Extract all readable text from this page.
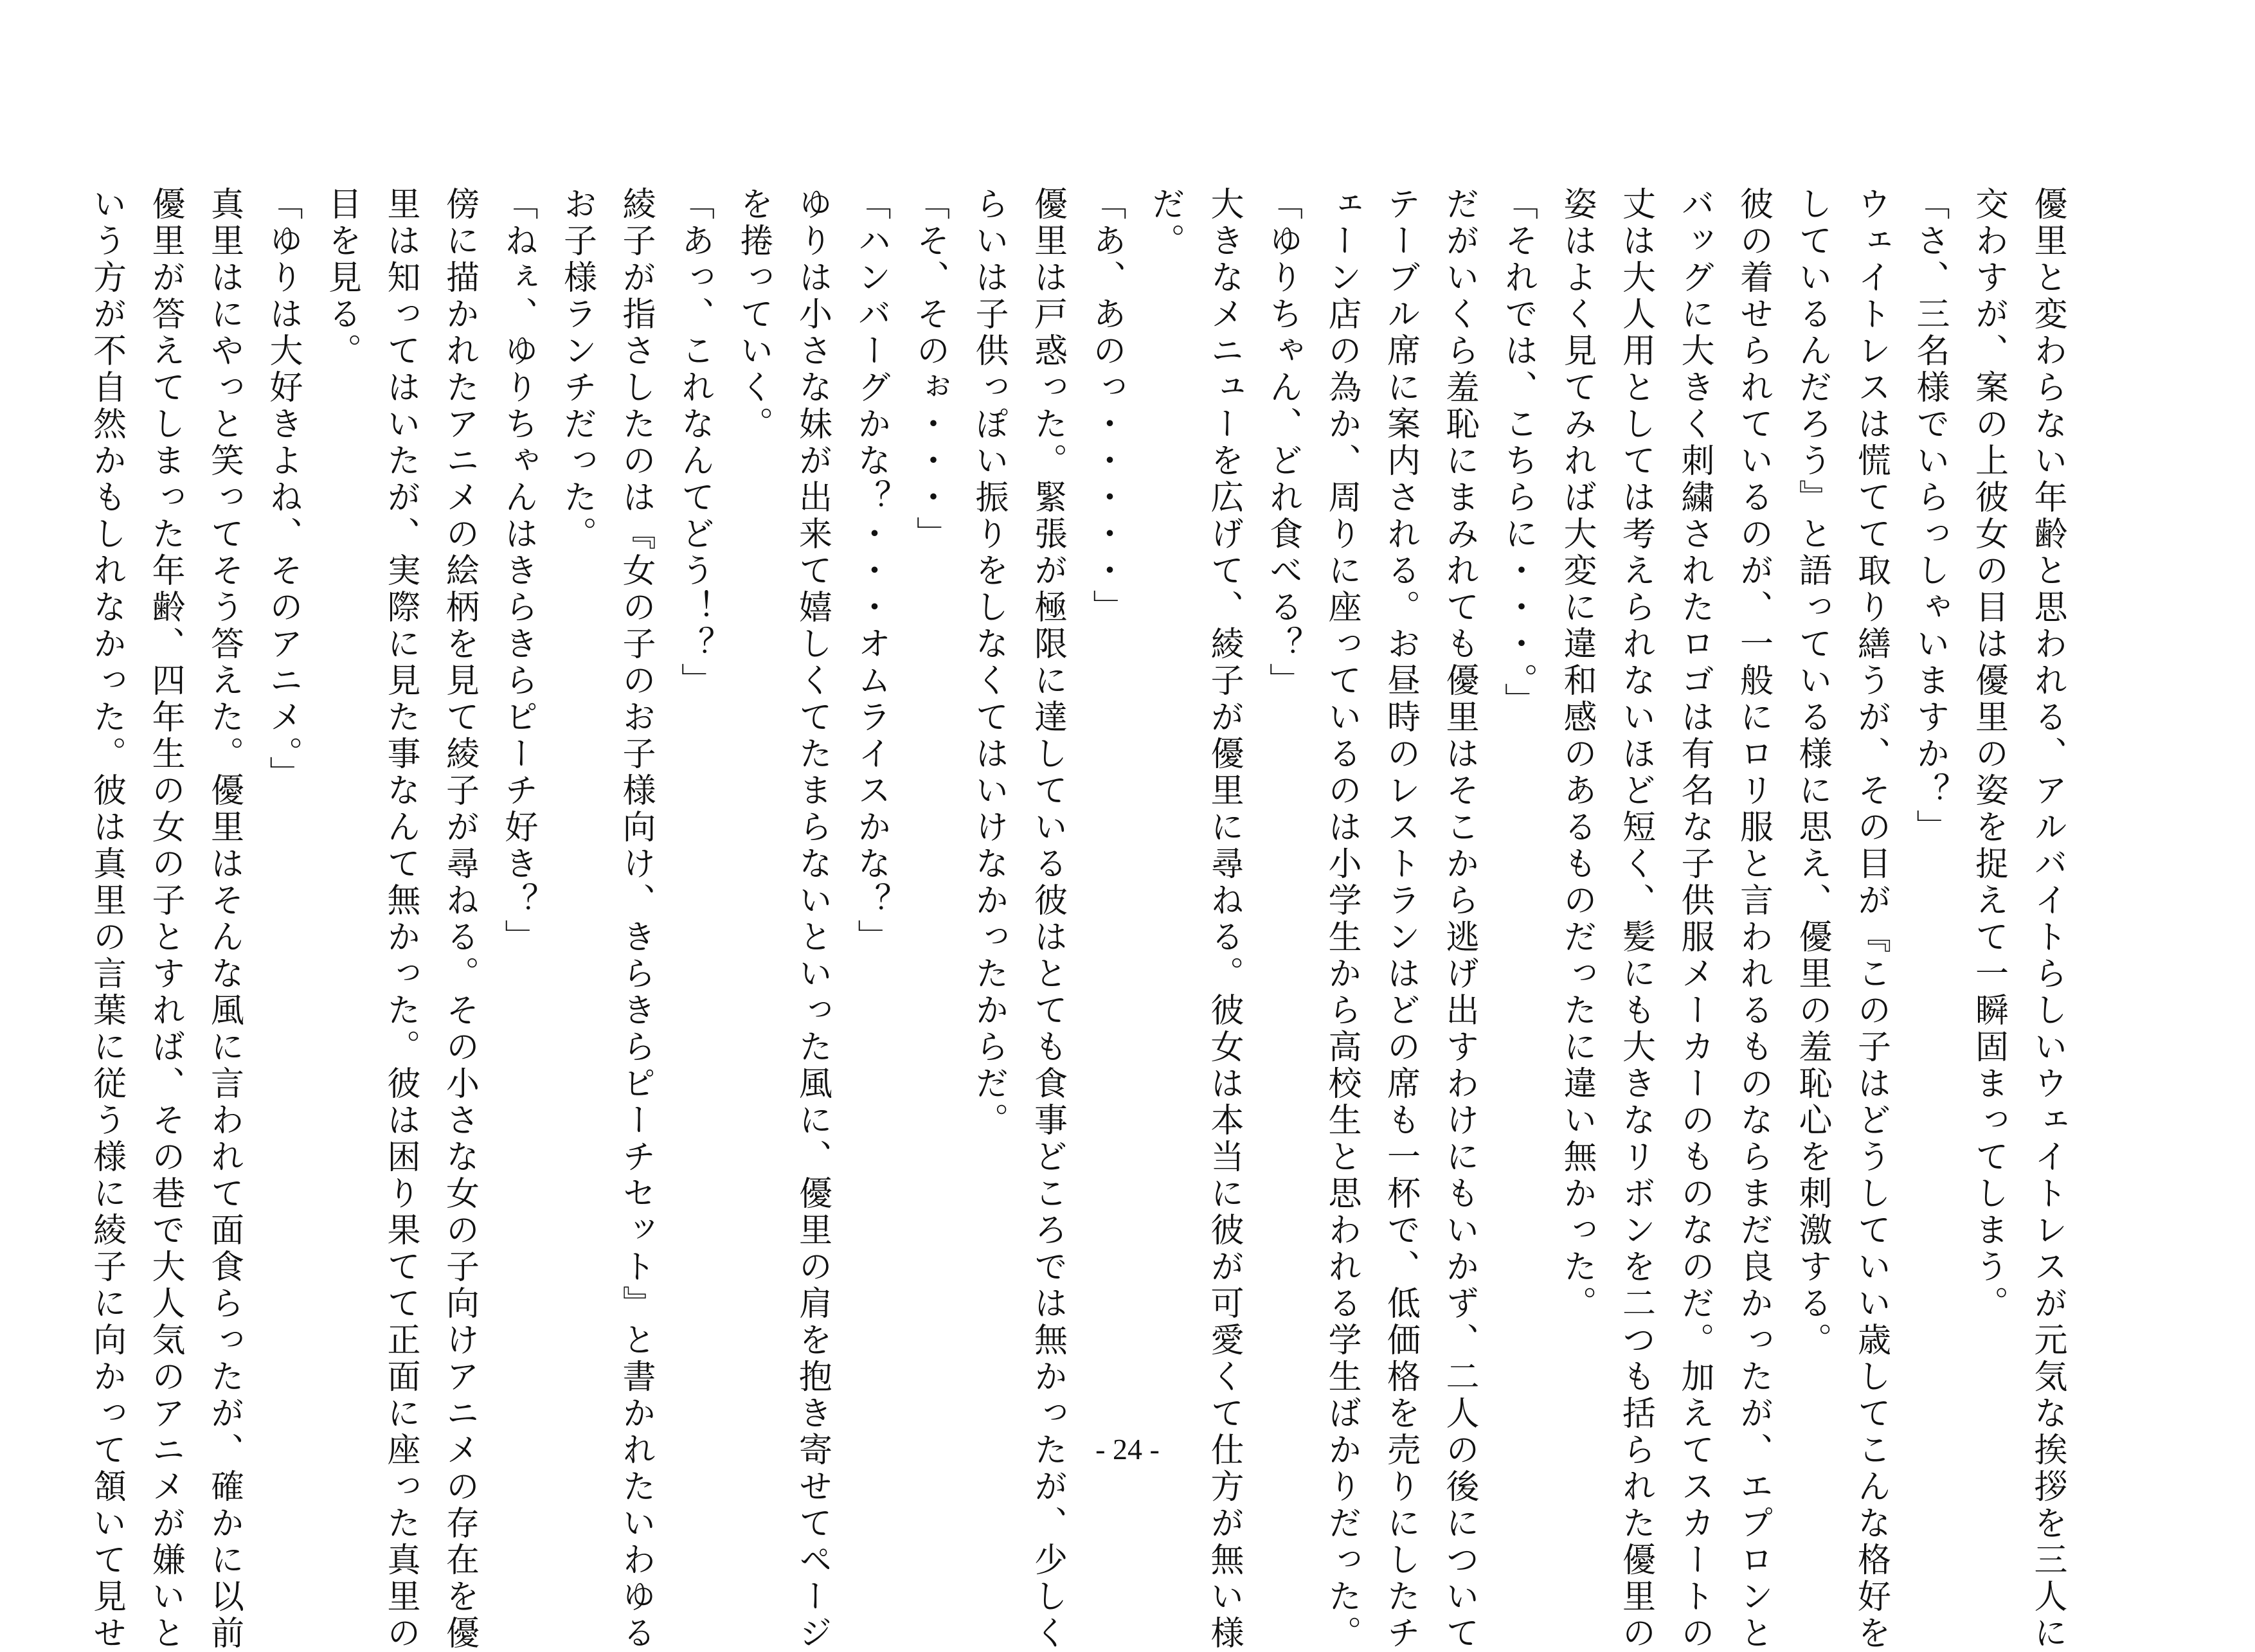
優里と変わらない年齢と思われる、アルバイトらしいウェイトレスが元気な挨拶を三人に
交わすが、案の上彼女の目は優里の姿を捉えて一瞬固まってしまう。
「さ、三名様でいらっしゃいますか？」
ウェイトレスは慌てて取り繕うが、その目が『この子はどうしていい歳してこんな格好を
しているんだろう』と語っている様に思え、優里の羞恥心を刺激する。
彼の着せられているのが、一般にロリ服と言われるものならまだ良かったが、エプロンと
バッグに大きく刺繍されたロゴは有名な子供服メーカーのものなのだ。加えてスカートの
丈は大人用としては考えられないほど短く、髪にも大きなリボンを二つも括られた優里の
姿はよく見てみれば大変に違和感のあるものだったに違い無かった。
「それでは、こちらに・・・。」
だがいくら羞恥にまみれても優里はそこから逃げ出すわけにもいかず、二人の後について
テーブル席に案内される。お昼時のレストランはどの席も一杯で、低価格を売りにしたチ
ェーン店の為か、周りに座っているのは小学生から高校生と思われる学生ばかりだった。
「ゆりちゃん、どれ食べる？」
大きなメニューを広げて、綾子が優里に尋ねる。彼女は本当に彼が可愛くて仕方が無い様
だ。
「あ、あのっ・・・・・」
優里は戸惑った。緊張が極限に達している彼はとても食事どころでは無かったが、少しく
らいは子供っぽい振りをしなくてはいけなかったからだ。
「そ、そのぉ・・・」
「ハンバーグかな？・・・オムライスかな？」
ゆりは小さな妹が出来て嬉しくてたまらないといった風に、優里の肩を抱き寄せてページ
を捲っていく。
「あっ、これなんてどう！？」
綾子が指さしたのは『女の子のお子様向け、きらきらピーチセット』と書かれたいわゆる
お子様ランチだった。
「ねぇ、ゆりちゃんはきらきらピーチ好き？」
傍に描かれたアニメの絵柄を見て綾子が尋ねる。その小さな女の子向けアニメの存在を優
里は知ってはいたが、実際に見た事なんて無かった。彼は困り果てて正面に座った真里の
目を見る。
「ゆりは大好きよね、そのアニメ。」
真里はにやっと笑ってそう答えた。優里はそんな風に言われて面食らったが、確かに以前
優里が答えてしまった年齢、四年生の女の子とすれば、その巷で大人気のアニメが嫌いと
いう方が不自然かもしれなかった。彼は真里の言葉に従う様に綾子に向かって頷いて見せ	- 24 -
